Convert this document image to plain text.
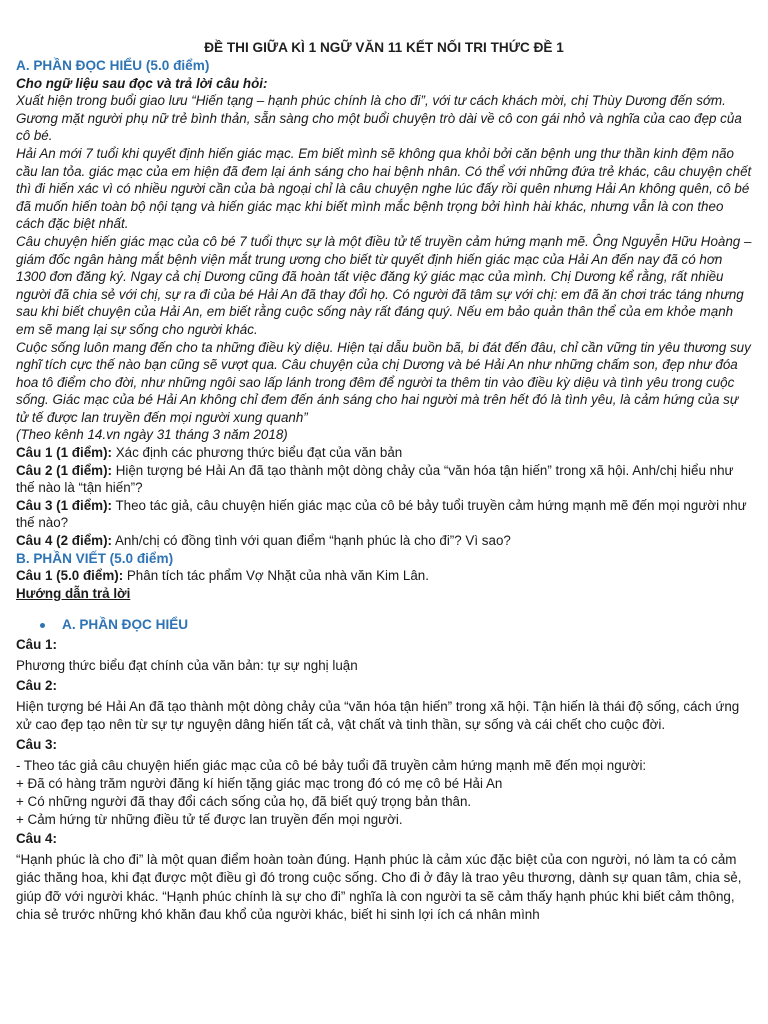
ĐỀ THI GIỮA KÌ 1 NGỮ VĂN 11 KẾT NỐI TRI THỨC ĐỀ 1
A. PHẦN ĐỌC HIỂU (5.0 điểm)
Cho ngữ liệu sau đọc và trả lời câu hỏi:

Xuất hiện trong buổi giao lưu “Hiến tạng – hạnh phúc chính là cho đi”, với tư cách khách mời, chị Thùy Dương đến sớm. Gương mặt người phụ nữ trẻ bình thản, sẵn sàng cho một buổi chuyện trò dài về cô con gái nhỏ và nghĩa của cao đẹp của cô bé.

Hải An mới 7 tuổi khi quyết định hiến giác mạc. Em biết mình sẽ không qua khỏi bởi căn bệnh ung thư thần kinh đệm não cầu lan tỏa. giác mạc của em hiện đã đem lại ánh sáng cho hai bệnh nhân. Có thể với những đứa trẻ khác, câu chuyện chết thì đi hiến xác vì có nhiều người cần của bà ngoại chỉ là câu chuyện nghe lúc đấy rồi quên nhưng Hải An không quên, cô bé đã muốn hiến toàn bộ nội tạng và hiến giác mạc khi biết mình mắc bệnh trọng bởi hình hài khác, nhưng vẫn là con theo cách đặc biệt nhất.

Câu chuyện hiến giác mạc của cô bé 7 tuổi thực sự là một điều tử tế truyền cảm hứng mạnh mẽ. Ông Nguyễn Hữu Hoàng – giám đốc ngân hàng mắt bệnh viện mắt trung ương cho biết từ quyết định hiến giác mạc của Hải An đến nay đã có hơn 1300 đơn đăng ký. Ngay cả chị Dương cũng đã hoàn tất việc đăng ký giác mạc của mình. Chị Dương kể rằng, rất nhiều người đã chia sẻ với chị, sự ra đi của bé Hải An đã thay đổi họ. Có người đã tâm sự với chị: em đã ăn chơi trác táng nhưng sau khi biết chuyện của Hải An, em biết rằng cuộc sống này rất đáng quý. Nếu em bảo quản thân thể của em khỏe mạnh em sẽ mang lại sự sống cho người khác.

Cuộc sống luôn mang đến cho ta những điều kỳ diệu. Hiện tại dẫu buồn bã, bi đát đến đâu, chỉ cần vững tin yêu thương suy nghĩ tích cực thế nào bạn cũng sẽ vượt qua. Câu chuyện của chị Dương và bé Hải An như những chấm son, đẹp như đóa hoa tô điểm cho đời, như những ngôi sao lấp lánh trong đêm để người ta thêm tin vào điều kỳ diệu và tình yêu trong cuộc sống. Giác mạc của bé Hải An không chỉ đem đến ánh sáng cho hai người mà trên hết đó là tình yêu, là cảm hứng của sự tử tế được lan truyền đến mọi người xung quanh”

(Theo kênh 14.vn ngày 31 tháng 3 năm 2018)

Câu 1 (1 điểm): Xác định các phương thức biểu đạt của văn bản

Câu 2 (1 điểm): Hiện tượng bé Hải An đã tạo thành một dòng chảy của “văn hóa tận hiến” trong xã hội. Anh/chị hiểu như thế nào là “tận hiến”?

Câu 3 (1 điểm): Theo tác giả, câu chuyện hiến giác mạc của cô bé bảy tuổi truyền cảm hứng mạnh mẽ đến mọi người như thế nào?

Câu 4 (2 điểm): Anh/chị có đồng tình với quan điểm “hạnh phúc là cho đi”? Vì sao?

B. PHẦN VIẾT (5.0 điểm)

Câu 1 (5.0 điểm): Phân tích tác phẩm Vợ Nhặt của nhà văn Kim Lân.

Hướng dẫn trả lời
A. PHẦN ĐỌC HIỂU
Câu 1:

Phương thức biểu đạt chính của văn bản: tự sự nghị luận

Câu 2:

Hiện tượng bé Hải An đã tạo thành một dòng chảy của “văn hóa tận hiến” trong xã hội. Tận hiến là thái độ sống, cách ứng xử cao đẹp tạo nên từ sự tự nguyện dâng hiến tất cả, vật chất và tinh thần, sự sống và cái chết cho cuộc đời.

Câu 3:

- Theo tác giả câu chuyện hiến giác mạc của cô bé bảy tuổi đã truyền cảm hứng mạnh mẽ đến mọi người:

+ Đã có hàng trăm người đăng kí hiến tặng giác mạc trong đó có mẹ cô bé Hải An

+ Có những người đã thay đổi cách sống của họ, đã biết quý trọng bản thân.

+ Cảm hứng từ những điều tử tế được lan truyền đến mọi người.

Câu 4:

“Hạnh phúc là cho đi” là một quan điểm hoàn toàn đúng. Hạnh phúc là cảm xúc đặc biệt của con người, nó làm ta có cảm giác thăng hoa, khi đạt được một điều gì đó trong cuộc sống. Cho đi ở đây là trao yêu thương, dành sự quan tâm, chia sẻ, giúp đỡ với người khác. “Hạnh phúc chính là sự cho đi” nghĩa là con người ta sẽ cảm thấy hạnh phúc khi biết cảm thông, chia sẻ trước những khó khăn đau khổ của người khác, biết hi sinh lợi ích cá nhân mình
